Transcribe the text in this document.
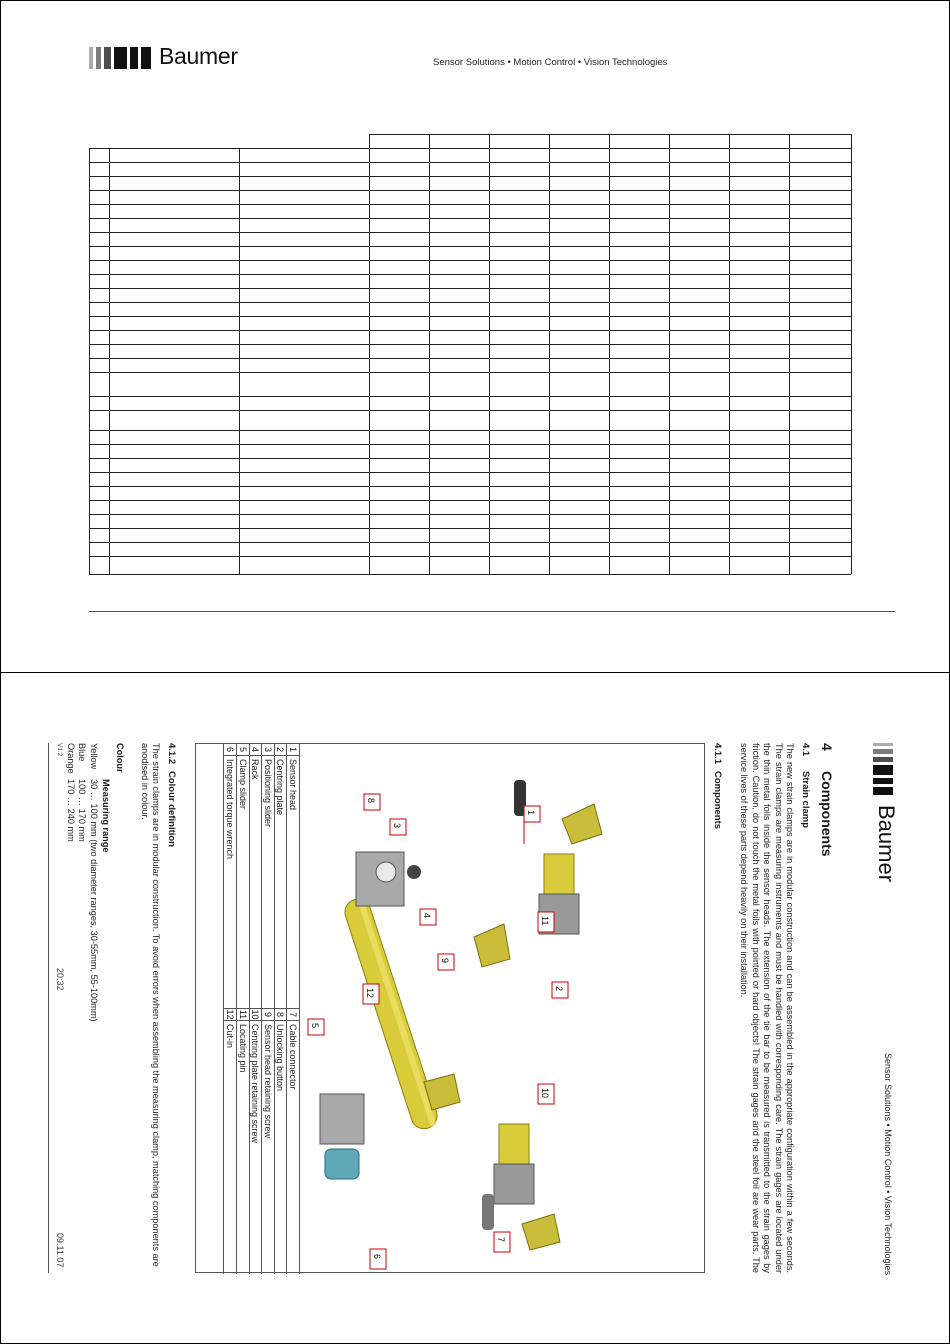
Baumer	Sensor Solutions • Motion Control • Vision Technologies
Baumer
Sensor Solutions • Motion Control • Vision Technologies
4Components
4.1Strain clamp
The new strain clamps are in modular construction and can be assembled in the appropriate configuration within a few seconds. The strain clamps are measuring instruments and must be handled with corresponding care. The strain gages are located under the thin metal foils inside the sensor heads. The extension of the tie bar to be measured is transmitted to the strain gages by friction. Caution, do not touch the metal foils with pointed or hard objects! The strain gages and the steel foil are wear parts. The service lives of these parts depend heavily on their installation.
4.1.1Components
1
2
3
4
5
6
7
8
9
10
11
12
1
Sensor head
7
Cable connector
2
Centring plate
8
Unlocking button
3
Positioning slider
9
Sensor head retaining screw
4
Rack
10
Centring plate retaining screw
5
Clamp slider
11
Locating pin
6
Integrated torque wrench
12
Cut-in
4.1.2Colour definition
The strain clamps are in modular construction. To avoid errors when assembling the measuring clamp, matching components are anodised in colour.
Colour
Measuring range
Yellow
30 … 100 mm (two diameter ranges, 30-55mm, 55-100mm)
Blue
100 … 170 mm
Orange
170 … 240 mm
20:32
09.11.07
V1.2
